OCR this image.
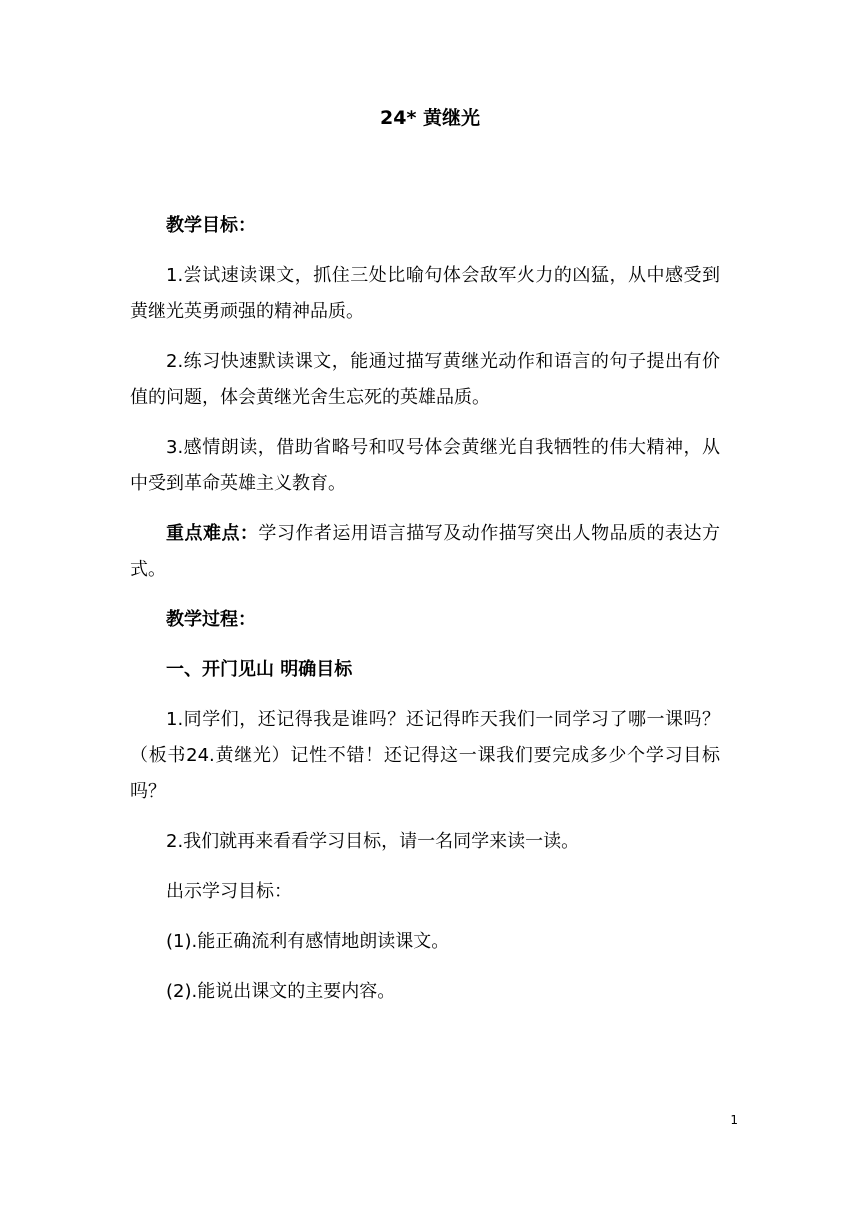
24* 黄继光

教学目标：

1.尝试速读课文，抓住三处比喻句体会敌军火力的凶猛，从中感受到黄继光英勇顽强的精神品质。

2.练习快速默读课文，能通过描写黄继光动作和语言的句子提出有价值的问题，体会黄继光舍生忘死的英雄品质。

3.感情朗读，借助省略号和叹号体会黄继光自我牺牲的伟大精神，从中受到革命英雄主义教育。

重点难点：学习作者运用语言描写及动作描写突出人物品质的表达方式。

教学过程：

一、开门见山 明确目标

1.同学们，还记得我是谁吗？还记得昨天我们一同学习了哪一课吗？（板书24.黄继光）记性不错！还记得这一课我们要完成多少个学习目标吗？

2.我们就再来看看学习目标，请一名同学来读一读。

出示学习目标：

(1).能正确流利有感情地朗读课文。

(2).能说出课文的主要内容。

1
